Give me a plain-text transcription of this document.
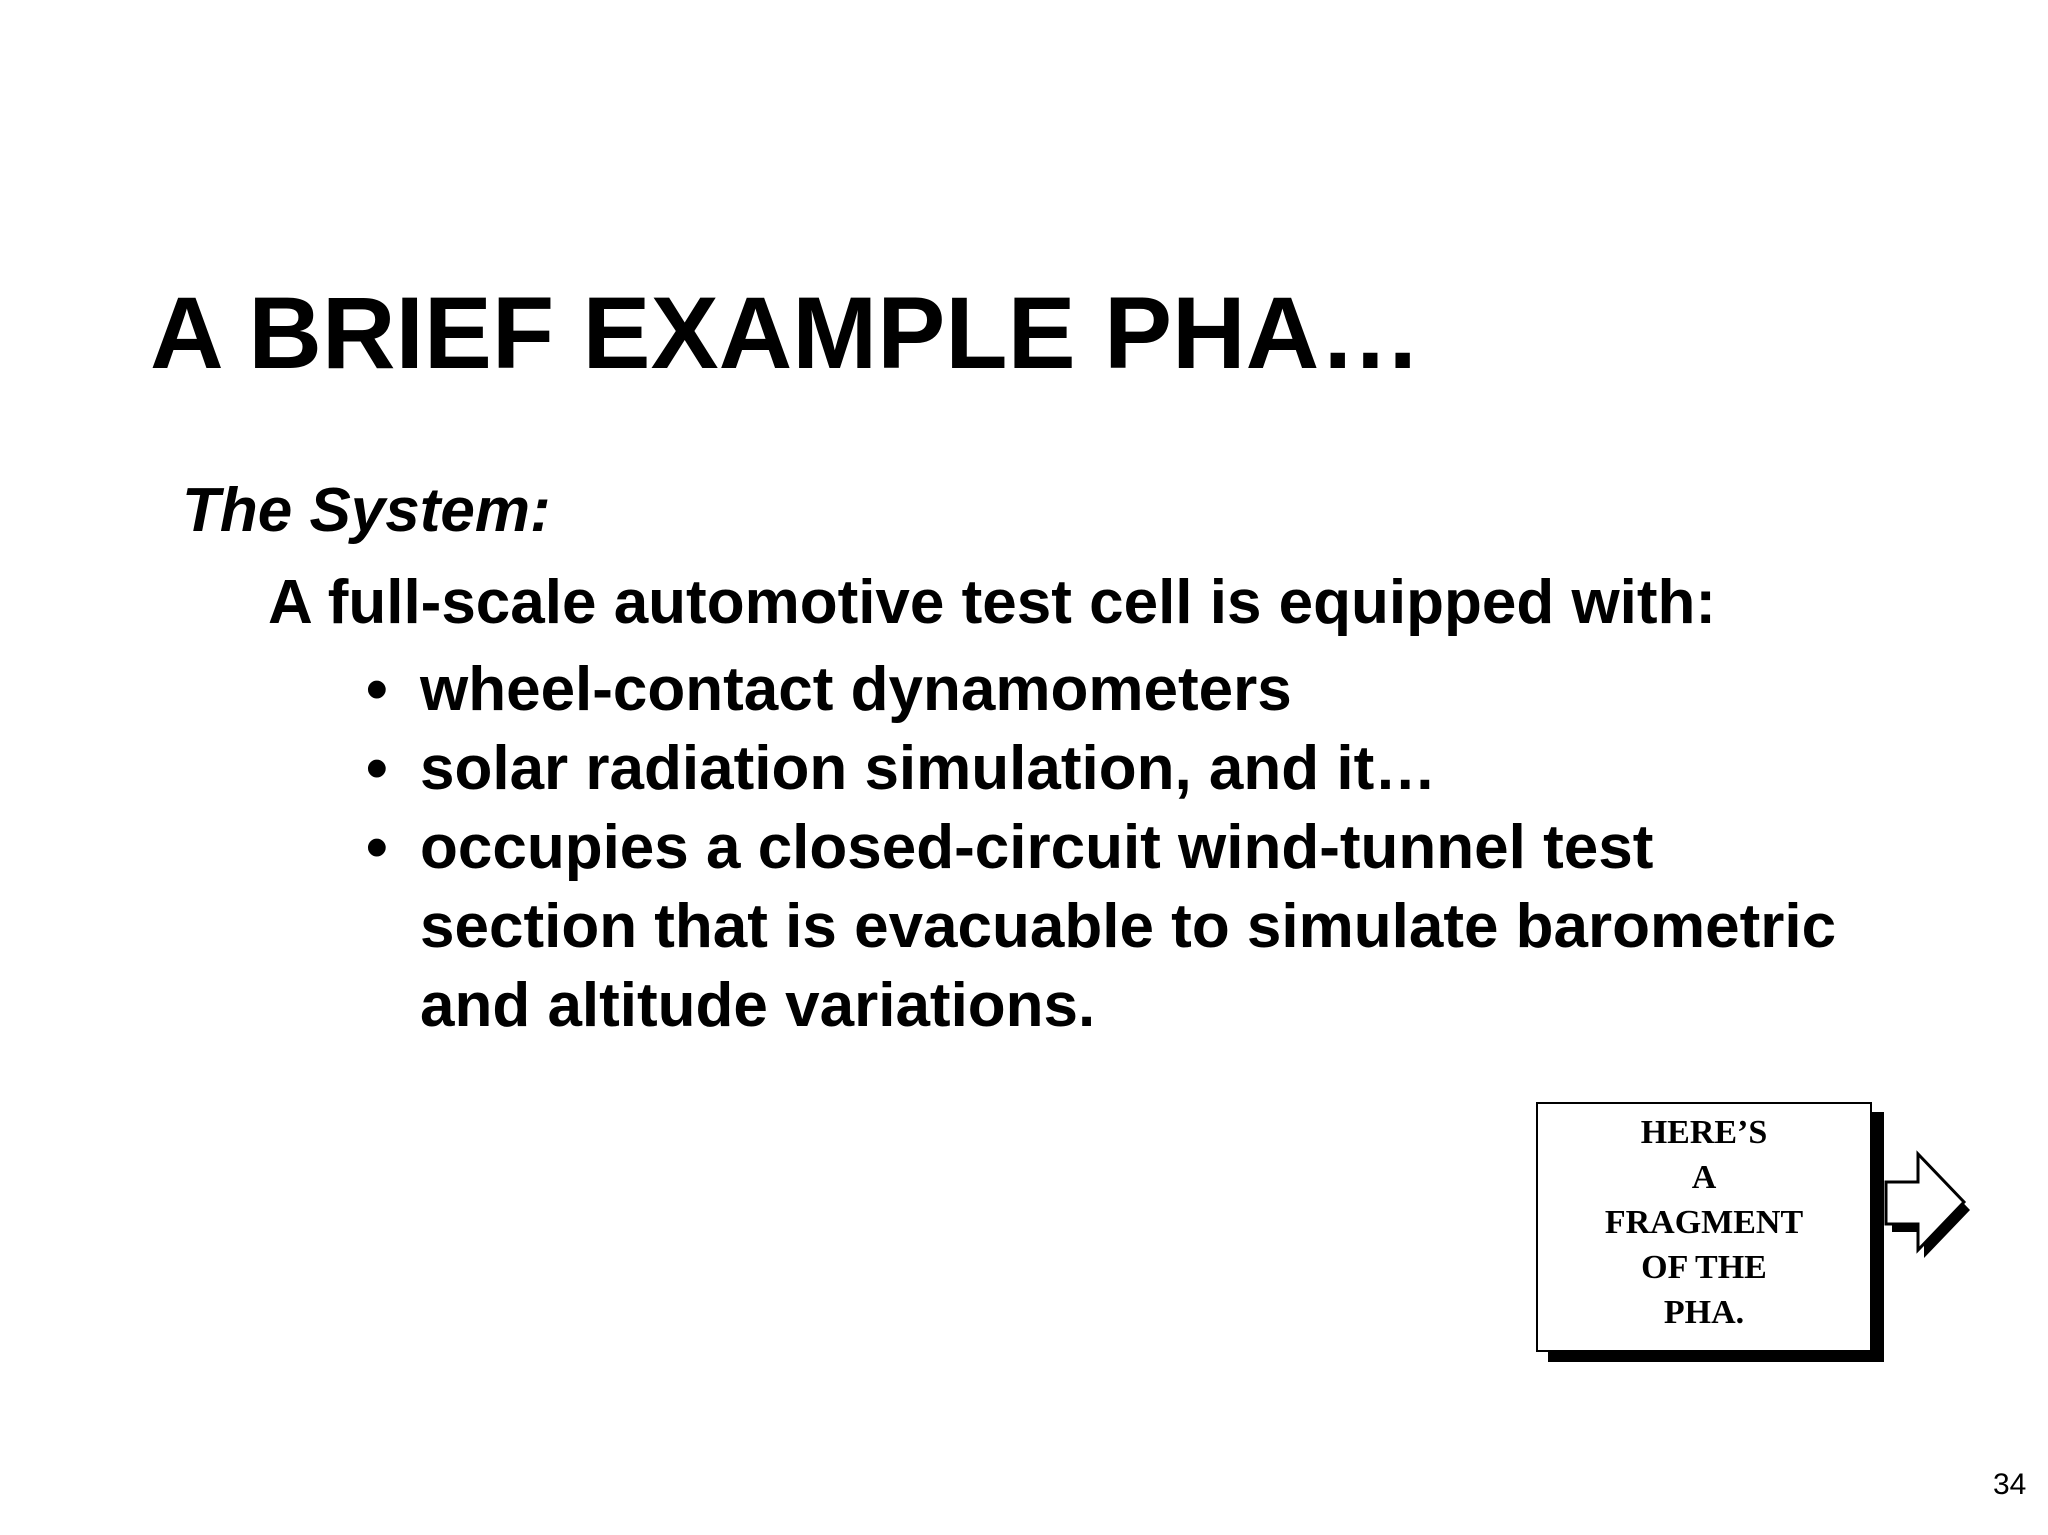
A BRIEF EXAMPLE PHA…

The System:

A full-scale automotive test cell is equipped with:

• wheel-contact dynamometers
• solar radiation simulation, and it…
• occupies a closed-circuit wind-tunnel test section that is evacuable to simulate barometric and altitude variations.
HERE’S
A
FRAGMENT
OF THE
PHA.

34
